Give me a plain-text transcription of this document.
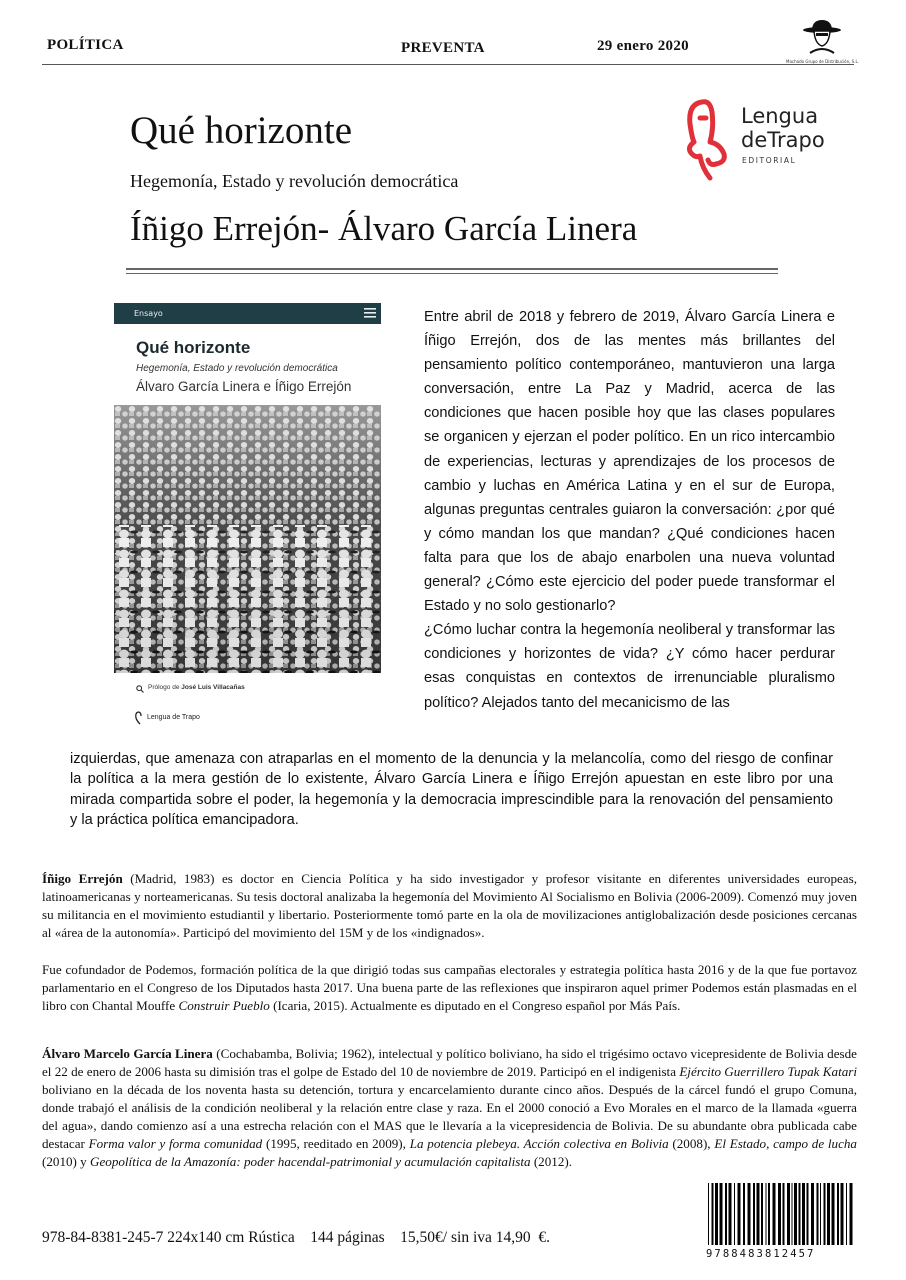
POLÍTICA	PREVENTA	29 enero 2020
Machado Grupo de Distribución, S.L.
Qué horizonte
Hegemonía, Estado y revolución democrática
Íñigo Errejón- Álvaro García Linera
Lengua
deTrapo
EDITORIAL
Ensayo
Qué horizonte
Hegemonía, Estado y revolución democrática
Álvaro García Linera e Íñigo Errejón
Prólogo de José Luis Villacañas
Lengua de Trapo

Entre abril de 2018 y febrero de 2019, Álvaro García Linera e Íñigo Errejón, dos de las mentes más brillantes del pensamiento político contemporáneo, mantuvieron una larga conversación, entre La Paz y Madrid, acerca de las condiciones que hacen posible hoy que las clases populares se organicen y ejerzan el poder político. En un rico intercambio de experiencias, lecturas y aprendizajes de los procesos de cambio y luchas en América Latina y en el sur de Europa, algunas preguntas centrales guiaron la conversación: ¿por qué y cómo mandan los que mandan? ¿Qué condiciones hacen falta para que los de abajo enarbolen una nueva voluntad general? ¿Cómo este ejercicio del poder puede transformar el Estado y no solo gestionarlo?

¿Cómo luchar contra la hegemonía neoliberal y transformar las condiciones y horizontes de vida? ¿Y cómo hacer perdurar esas conquistas en contextos de irrenunciable pluralismo político? Alejados tanto del mecanicismo de las

izquierdas, que amenaza con atraparlas en el momento de la denuncia y la melancolía, como del riesgo de confinar la política a la mera gestión de lo existente, Álvaro García Linera e Íñigo Errejón apuestan en este libro por una mirada compartida sobre el poder, la hegemonía y la democracia imprescindible para la renovación del pensamiento y la práctica política emancipadora.

Íñigo Errejón (Madrid, 1983) es doctor en Ciencia Política y ha sido investigador y profesor visitante en diferentes universidades europeas, latinoamericanas y norteamericanas. Su tesis doctoral analizaba la hegemonía del Movimiento Al Socialismo en Bolivia (2006-2009). Comenzó muy joven su militancia en el movimiento estudiantil y libertario. Posteriormente tomó parte en la ola de movilizaciones antiglobalización desde posiciones cercanas al «área de la autonomía». Participó del movimiento del 15M y de los «indignados».

Fue cofundador de Podemos, formación política de la que dirigió todas sus campañas electorales y estrategia política hasta 2016 y de la que fue portavoz parlamentario en el Congreso de los Diputados hasta 2017. Una buena parte de las reflexiones que inspiraron aquel primer Podemos están plasmadas en el libro con Chantal Mouffe Construir Pueblo (Icaria, 2015). Actualmente es diputado en el Congreso español por Más País.

Álvaro Marcelo García Linera (Cochabamba, Bolivia; 1962), intelectual y político boliviano, ha sido el trigésimo octavo vicepresidente de Bolivia desde el 22 de enero de 2006 hasta su dimisión tras el golpe de Estado del 10 de noviembre de 2019. Participó en el indigenista Ejército Guerrillero Tupak Katari boliviano en la década de los noventa hasta su detención, tortura y encarcelamiento durante cinco años. Después de la cárcel fundó el grupo Comuna, donde trabajó el análisis de la condición neoliberal y la relación entre clase y raza. En el 2000 conoció a Evo Morales en el marco de la llamada «guerra del agua», dando comienzo así a una estrecha relación con el MAS que le llevaría a la vicepresidencia de Bolivia. De su abundante obra publicada cabe destacar Forma valor y forma comunidad (1995, reeditado en 2009), La potencia plebeya. Acción colectiva en Bolivia (2008), El Estado, campo de lucha (2010) y Geopolítica de la Amazonía: poder hacendal-patrimonial y acumulación capitalista (2012).

978-84-8381-245-7 224x140 cm Rústica    144 páginas    15,50€/ sin iva 14,90  €.
9788483812457
